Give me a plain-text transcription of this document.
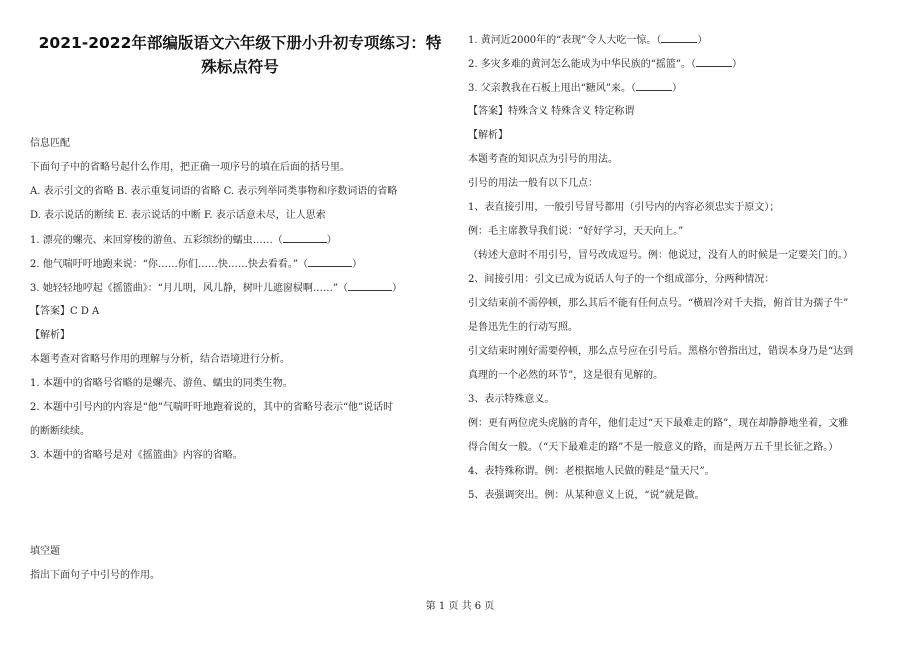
2021-2022年部编版语文六年级下册小升初专项练习：特
殊标点符号
信息匹配
下面句子中的省略号起什么作用，把正确一项序号的填在后面的括号里。
A. 表示引文的省略 B. 表示重复词语的省略 C. 表示列举同类事物和序数词语的省略
D. 表示说话的断续 E. 表示说话的中断 F. 表示话意未尽，让人思索
1. 漂亮的螺壳、来回穿梭的游鱼、五彩缤纷的蠕虫……（	）
2. 他气喘吁吁地跑来说：“你……你们……快……快去看看。”（	）
3. 她轻轻地哼起《摇篮曲》：“月儿明，风儿静，树叶儿遮窗棂啊……”（	）
【答案】C D A
【解析】
本题考查对省略号作用的理解与分析，结合语境进行分析。
1. 本题中的省略号省略的是螺壳、游鱼、蠕虫的同类生物。
2. 本题中引号内的内容是“他”气喘吁吁地跑着说的，其中的省略号表示“他”说话时
的断断续续。
3. 本题中的省略号是对《摇篮曲》内容的省略。
填空题
指出下面句子中引号的作用。
1. 黄河近2000年的“表现”令人大吃一惊。（	）
2. 多灾多难的黄河怎么能成为中华民族的“摇篮”。（	）
3. 父亲教我在石板上甩出“糖风”来。（	）
【答案】特殊含义 特殊含义 特定称谓
【解析】
本题考查的知识点为引号的用法。
引号的用法一般有以下几点：
1、表直接引用，一般引号冒号都用（引号内的内容必须忠实于原文）；
例：毛主席教导我们说：“好好学习，天天向上。”
（转述大意时不用引号，冒号改成逗号。例：他说过，没有人的时候是一定要关门的。）
2、间接引用：引文已成为说话人句子的一个组成部分，分两种情况：
引文结束前不需停顿，那么其后不能有任何点号。“横眉冷对千夫指，俯首甘为孺子牛”
是鲁迅先生的行动写照。
引文结束时刚好需要停顿，那么点号应在引号后。黑格尔曾指出过，错误本身乃是“达到
真理的一个必然的环节”，这是很有见解的。
3、表示特殊意义。
例：更有两位虎头虎脑的青年，他们走过“天下最难走的路”，现在却静静地坐着，文雅
得合闺女一般。（“天下最难走的路”不是一般意义的路，而是两万五千里长征之路。）
4、表特殊称谓。例：老根据地人民做的鞋是“量天尺”。
5、表强调突出。例：从某种意义上说，“说”就是做。
第 1 页 共 6 页
